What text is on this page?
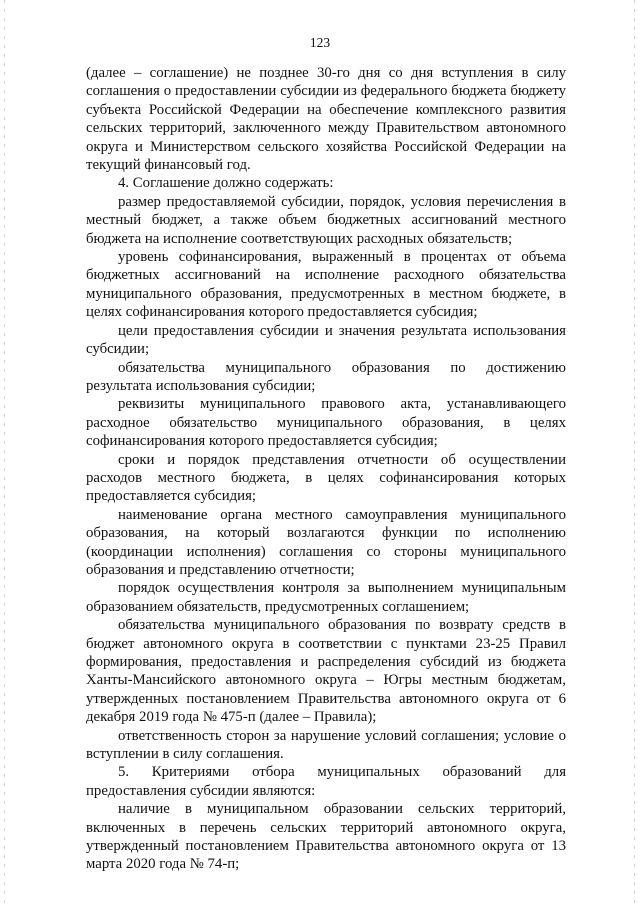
123

(далее – соглашение) не позднее 30-го дня со дня вступления в силу соглашения о предоставлении субсидии из федерального бюджета бюджету субъекта Российской Федерации на обеспечение комплексного развития сельских территорий, заключенного между Правительством автономного округа и Министерством сельского хозяйства Российской Федерации на текущий финансовый год.

4. Соглашение должно содержать:

размер предоставляемой субсидии, порядок, условия перечисления в местный бюджет, а также объем бюджетных ассигнований местного бюджета на исполнение соответствующих расходных обязательств;

уровень софинансирования, выраженный в процентах от объема бюджетных ассигнований на исполнение расходного обязательства муниципального образования, предусмотренных в местном бюджете, в целях софинансирования которого предоставляется субсидия;

цели предоставления субсидии и значения результата использования субсидии;

обязательства муниципального образования по достижению результата использования субсидии;

реквизиты муниципального правового акта, устанавливающего расходное обязательство муниципального образования, в целях софинансирования которого предоставляется субсидия;

сроки и порядок представления отчетности об осуществлении расходов местного бюджета, в целях софинансирования которых предоставляется субсидия;

наименование органа местного самоуправления муниципального образования, на который возлагаются функции по исполнению (координации исполнения) соглашения со стороны муниципального образования и представлению отчетности;

порядок осуществления контроля за выполнением муниципальным образованием обязательств, предусмотренных соглашением;

обязательства муниципального образования по возврату средств в бюджет автономного округа в соответствии с пунктами 23-25 Правил формирования, предоставления и распределения субсидий из бюджета Ханты-Мансийского автономного округа – Югры местным бюджетам, утвержденных постановлением Правительства автономного округа от 6 декабря 2019 года № 475-п (далее – Правила);

ответственность сторон за нарушение условий соглашения; условие о вступлении в силу соглашения.

5. Критериями отбора муниципальных образований для предоставления субсидии являются:

наличие в муниципальном образовании сельских территорий, включенных в перечень сельских территорий автономного округа, утвержденный постановлением Правительства автономного округа от 13 марта 2020 года № 74-п;
